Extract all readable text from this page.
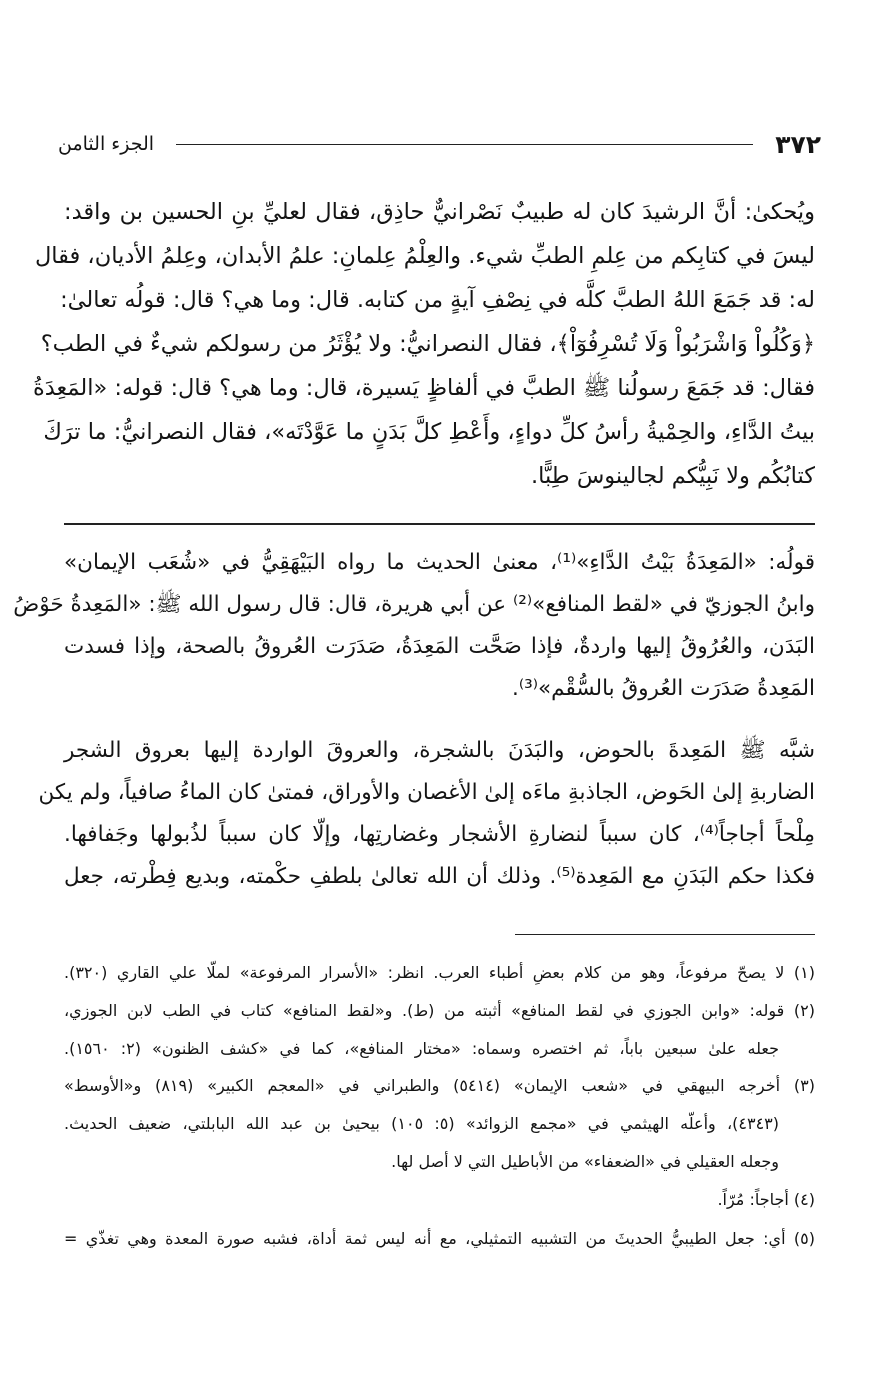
٣٧٢
الجزء الثامن
ويُحكىٰ: أنَّ الرشيدَ كان له طبيبٌ نَصْرانيٌّ حاذِق، فقال لعليِّ بنِ الحسين بن واقد:
ليسَ في كتابِكم من عِلمِ الطبِّ شيء. والعِلْمُ عِلمانِ: علمُ الأبدان، وعِلمُ الأديان، فقال
له: قد جَمَعَ اللهُ الطبَّ كلَّه في نِصْفِ آيةٍ من كتابه. قال: وما هي؟ قال: قولُه تعالىٰ:
﴿وَكُلُواْ وَاشْرَبُواْ وَلَا تُسْرِفُوٓاْ﴾، فقال النصرانيُّ: ولا يُؤْثَرُ من رسولكم شيءٌ في الطب؟
فقال: قد جَمَعَ رسولُنا ﷺ الطبَّ في ألفاظٍ يَسيرة، قال: وما هي؟ قال: قوله: «المَعِدَةُ
بيتُ الدَّاءِ، والحِمْيةُ رأسُ كلِّ دواءٍ، وأَعْطِ كلَّ بَدَنٍ ما عَوَّدْتَه»، فقال النصرانيُّ: ما ترَكَ
كتابُكُم ولا نَبِيُّكم لجالينوسَ طِبًّا.
قولُه: «المَعِدَةُ بَيْتُ الدَّاءِ»⁽¹⁾، معنىٰ الحديث ما رواه البَيْهَقِيُّ في «شُعَب الإيمان»
وابنُ الجوزيّ في «لقط المنافع»⁽²⁾ عن أبي هريرة، قال: قال رسول الله ﷺ: «المَعِدةُ حَوْضُ
البَدَن، والعُرُوقُ إليها واردةٌ، فإذا صَحَّت المَعِدَةُ، صَدَرَت العُروقُ بالصحة، وإذا فسدت
المَعِدةُ صَدَرَت العُروقُ بالسُّقْم»⁽³⁾.
شبَّه ﷺ المَعِدةَ بالحوض، والبَدَنَ بالشجرة، والعروقَ الواردة إليها بعروق الشجر
الضاربةِ إلىٰ الحَوض، الجاذبةِ ماءَه إلىٰ الأغصان والأوراق، فمتىٰ كان الماءُ صافياً، ولم يكن
مِلْحاً أجاجاً⁽⁴⁾، كان سبباً لنضارةِ الأشجار وغضارتِها، وإلّا كان سبباً لذُبولها وجَفافها.
فكذا حكم البَدَنِ مع المَعِدة⁽⁵⁾. وذلك أن الله تعالىٰ بلطفِ حكْمته، وبديع فِطْرته، جعل
(١) لا يصحّ مرفوعاً، وهو من كلام بعضِ أطباء العرب. انظر: «الأسرار المرفوعة» لملّا علي القاري (٣٢٠).
(٢) قوله: «وابن الجوزي في لقط المنافع» أثبته من (ط). و«لقط المنافع» كتاب في الطب لابن الجوزي،
جعله علىٰ سبعين باباً، ثم اختصره وسماه: «مختار المنافع»، كما في «كشف الظنون» (٢: ١٥٦٠).
(٣) أخرجه البيهقي في «شعب الإيمان» (٥٤١٤) والطبراني في «المعجم الكبير» (٨١٩) و«الأوسط»
(٤٣٤٣)، وأعلّه الهيثمي في «مجمع الزوائد» (٥: ١٠٥) بيحيىٰ بن عبد الله البابلتي، ضعيف الحديث.
وجعله العقيلي في «الضعفاء» من الأباطيل التي لا أصل لها.
(٤) أجاجاً: مُرّاً.
(٥) أي: جعل الطيبيُّ الحديثَ من التشبيه التمثيلي، مع أنه ليس ثمة أداة، فشبه صورة المعدة وهي تغذّي =
